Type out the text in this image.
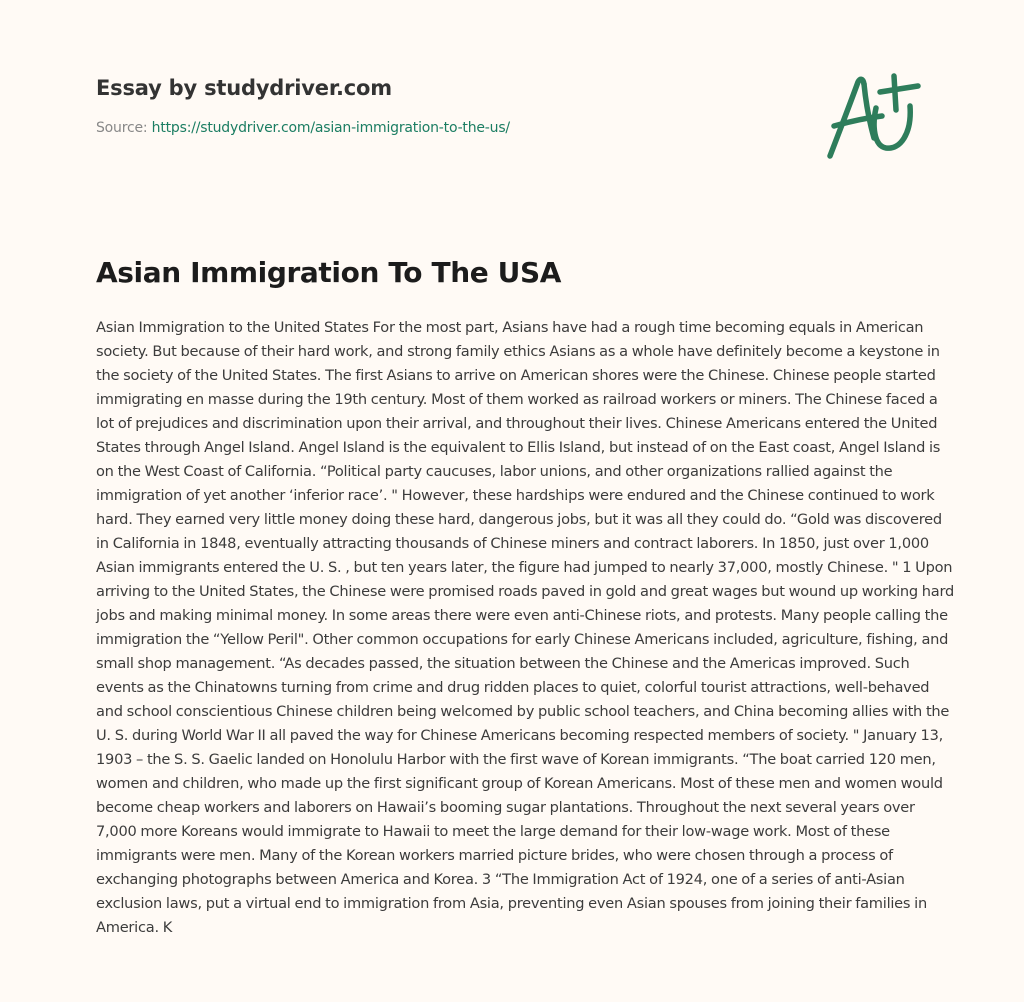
Essay by studydriver.com
Source: https://studydriver.com/asian-immigration-to-the-us/
Asian Immigration To The USA

Asian Immigration to the United States For the most part, Asians have had a rough time becoming equals in American society. But because of their hard work, and strong family ethics Asians as a whole have definitely become a keystone in the society of the United States. The first Asians to arrive on American shores were the Chinese. Chinese people started immigrating en masse during the 19th century. Most of them worked as railroad workers or miners. The Chinese faced a lot of prejudices and discrimination upon their arrival, and throughout their lives. Chinese Americans entered the United States through Angel Island. Angel Island is the equivalent to Ellis Island, but instead of on the East coast, Angel Island is on the West Coast of California. “Political party caucuses, labor unions, and other organizations rallied against the immigration of yet another ‘inferior race’. " However, these hardships were endured and the Chinese continued to work hard. They earned very little money doing these hard, dangerous jobs, but it was all they could do. “Gold was discovered in California in 1848, eventually attracting thousands of Chinese miners and contract laborers. In 1850, just over 1,000 Asian immigrants entered the U. S. , but ten years later, the figure had jumped to nearly 37,000, mostly Chinese. " 1 Upon arriving to the United States, the Chinese were promised roads paved in gold and great wages but wound up working hard jobs and making minimal money. In some areas there were even anti-Chinese riots, and protests. Many people calling the immigration the “Yellow Peril". Other common occupations for early Chinese Americans included, agriculture, fishing, and small shop management. “As decades passed, the situation between the Chinese and the Americas improved. Such events as the Chinatowns turning from crime and drug ridden places to quiet, colorful tourist attractions, well-behaved and school conscientious Chinese children being welcomed by public school teachers, and China becoming allies with the U. S. during World War II all paved the way for Chinese Americans becoming respected members of society. " January 13, 1903 – the S. S. Gaelic landed on Honolulu Harbor with the first wave of Korean immigrants. “The boat carried 120 men, women and children, who made up the first significant group of Korean Americans. Most of these men and women would become cheap workers and laborers on Hawaii’s booming sugar plantations. Throughout the next several years over 7,000 more Koreans would immigrate to Hawaii to meet the large demand for their low-wage work. Most of these immigrants were men. Many of the Korean workers married picture brides, who were chosen through a process of exchanging photographs between America and Korea. 3 “The Immigration Act of 1924, one of a series of anti-Asian exclusion laws, put a virtual end to immigration from Asia, preventing even Asian spouses from joining their families in America. K
